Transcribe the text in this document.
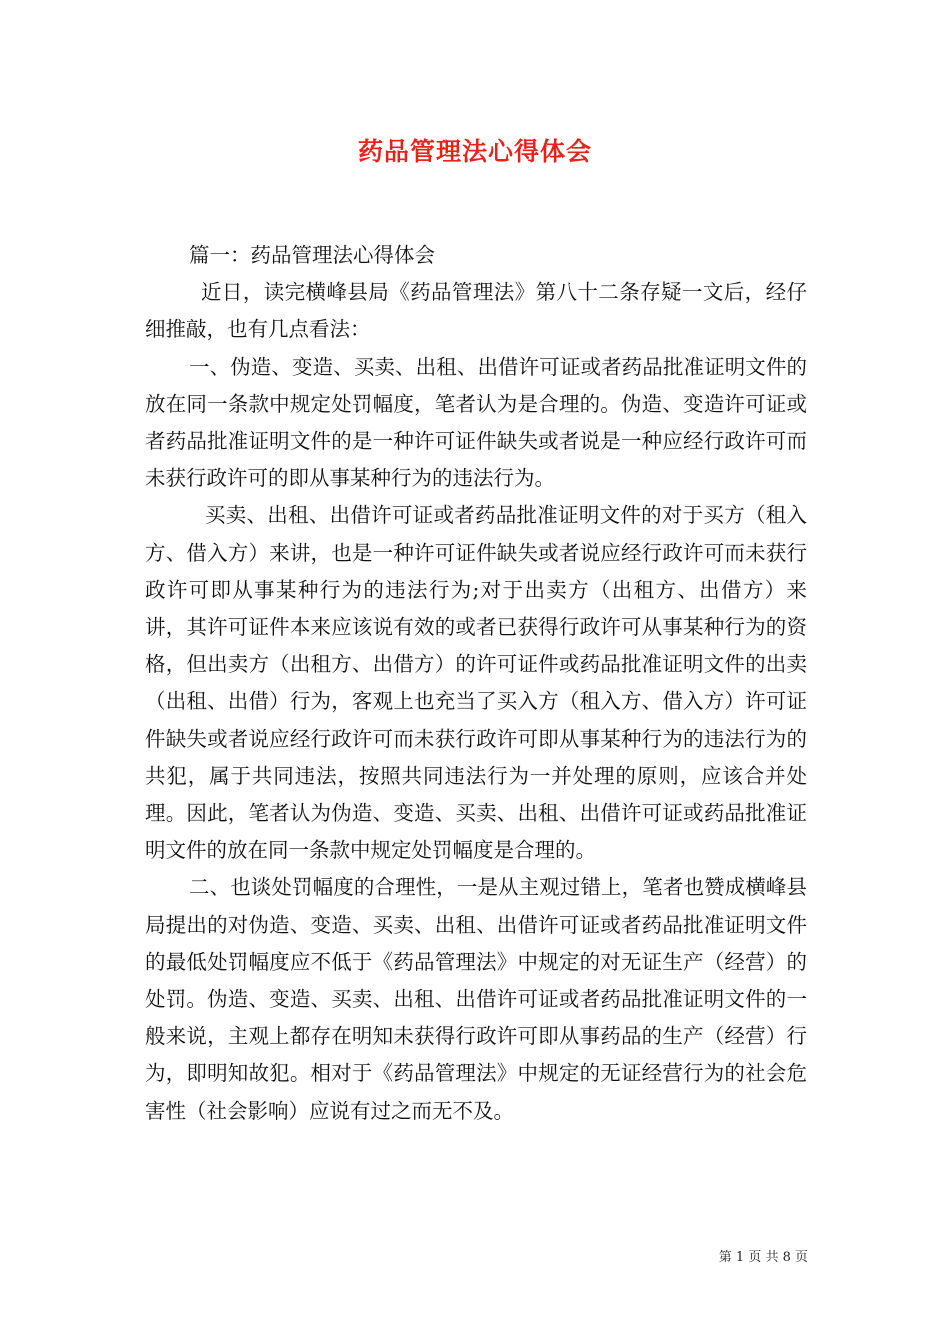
药品管理法心得体会

篇一：药品管理法心得体会

近日，读完横峰县局《药品管理法》第八十二条存疑一文后，经仔细推敲，也有几点看法：

一、伪造、变造、买卖、出租、出借许可证或者药品批准证明文件的放在同一条款中规定处罚幅度，笔者认为是合理的。伪造、变造许可证或者药品批准证明文件的是一种许可证件缺失或者说是一种应经行政许可而未获行政许可的即从事某种行为的违法行为。

买卖、出租、出借许可证或者药品批准证明文件的对于买方（租入方、借入方）来讲，也是一种许可证件缺失或者说应经行政许可而未获行政许可即从事某种行为的违法行为;对于出卖方（出租方、出借方）来讲，其许可证件本来应该说有效的或者已获得行政许可从事某种行为的资格，但出卖方（出租方、出借方）的许可证件或药品批准证明文件的出卖（出租、出借）行为，客观上也充当了买入方（租入方、借入方）许可证件缺失或者说应经行政许可而未获行政许可即从事某种行为的违法行为的共犯，属于共同违法，按照共同违法行为一并处理的原则，应该合并处理。因此，笔者认为伪造、变造、买卖、出租、出借许可证或药品批准证明文件的放在同一条款中规定处罚幅度是合理的。

二、也谈处罚幅度的合理性，一是从主观过错上，笔者也赞成横峰县局提出的对伪造、变造、买卖、出租、出借许可证或者药品批准证明文件的最低处罚幅度应不低于《药品管理法》中规定的对无证生产（经营）的处罚。伪造、变造、买卖、出租、出借许可证或者药品批准证明文件的一般来说，主观上都存在明知未获得行政许可即从事药品的生产（经营）行为，即明知故犯。相对于《药品管理法》中规定的无证经营行为的社会危害性（社会影响）应说有过之而无不及。

第 1 页 共 8 页
